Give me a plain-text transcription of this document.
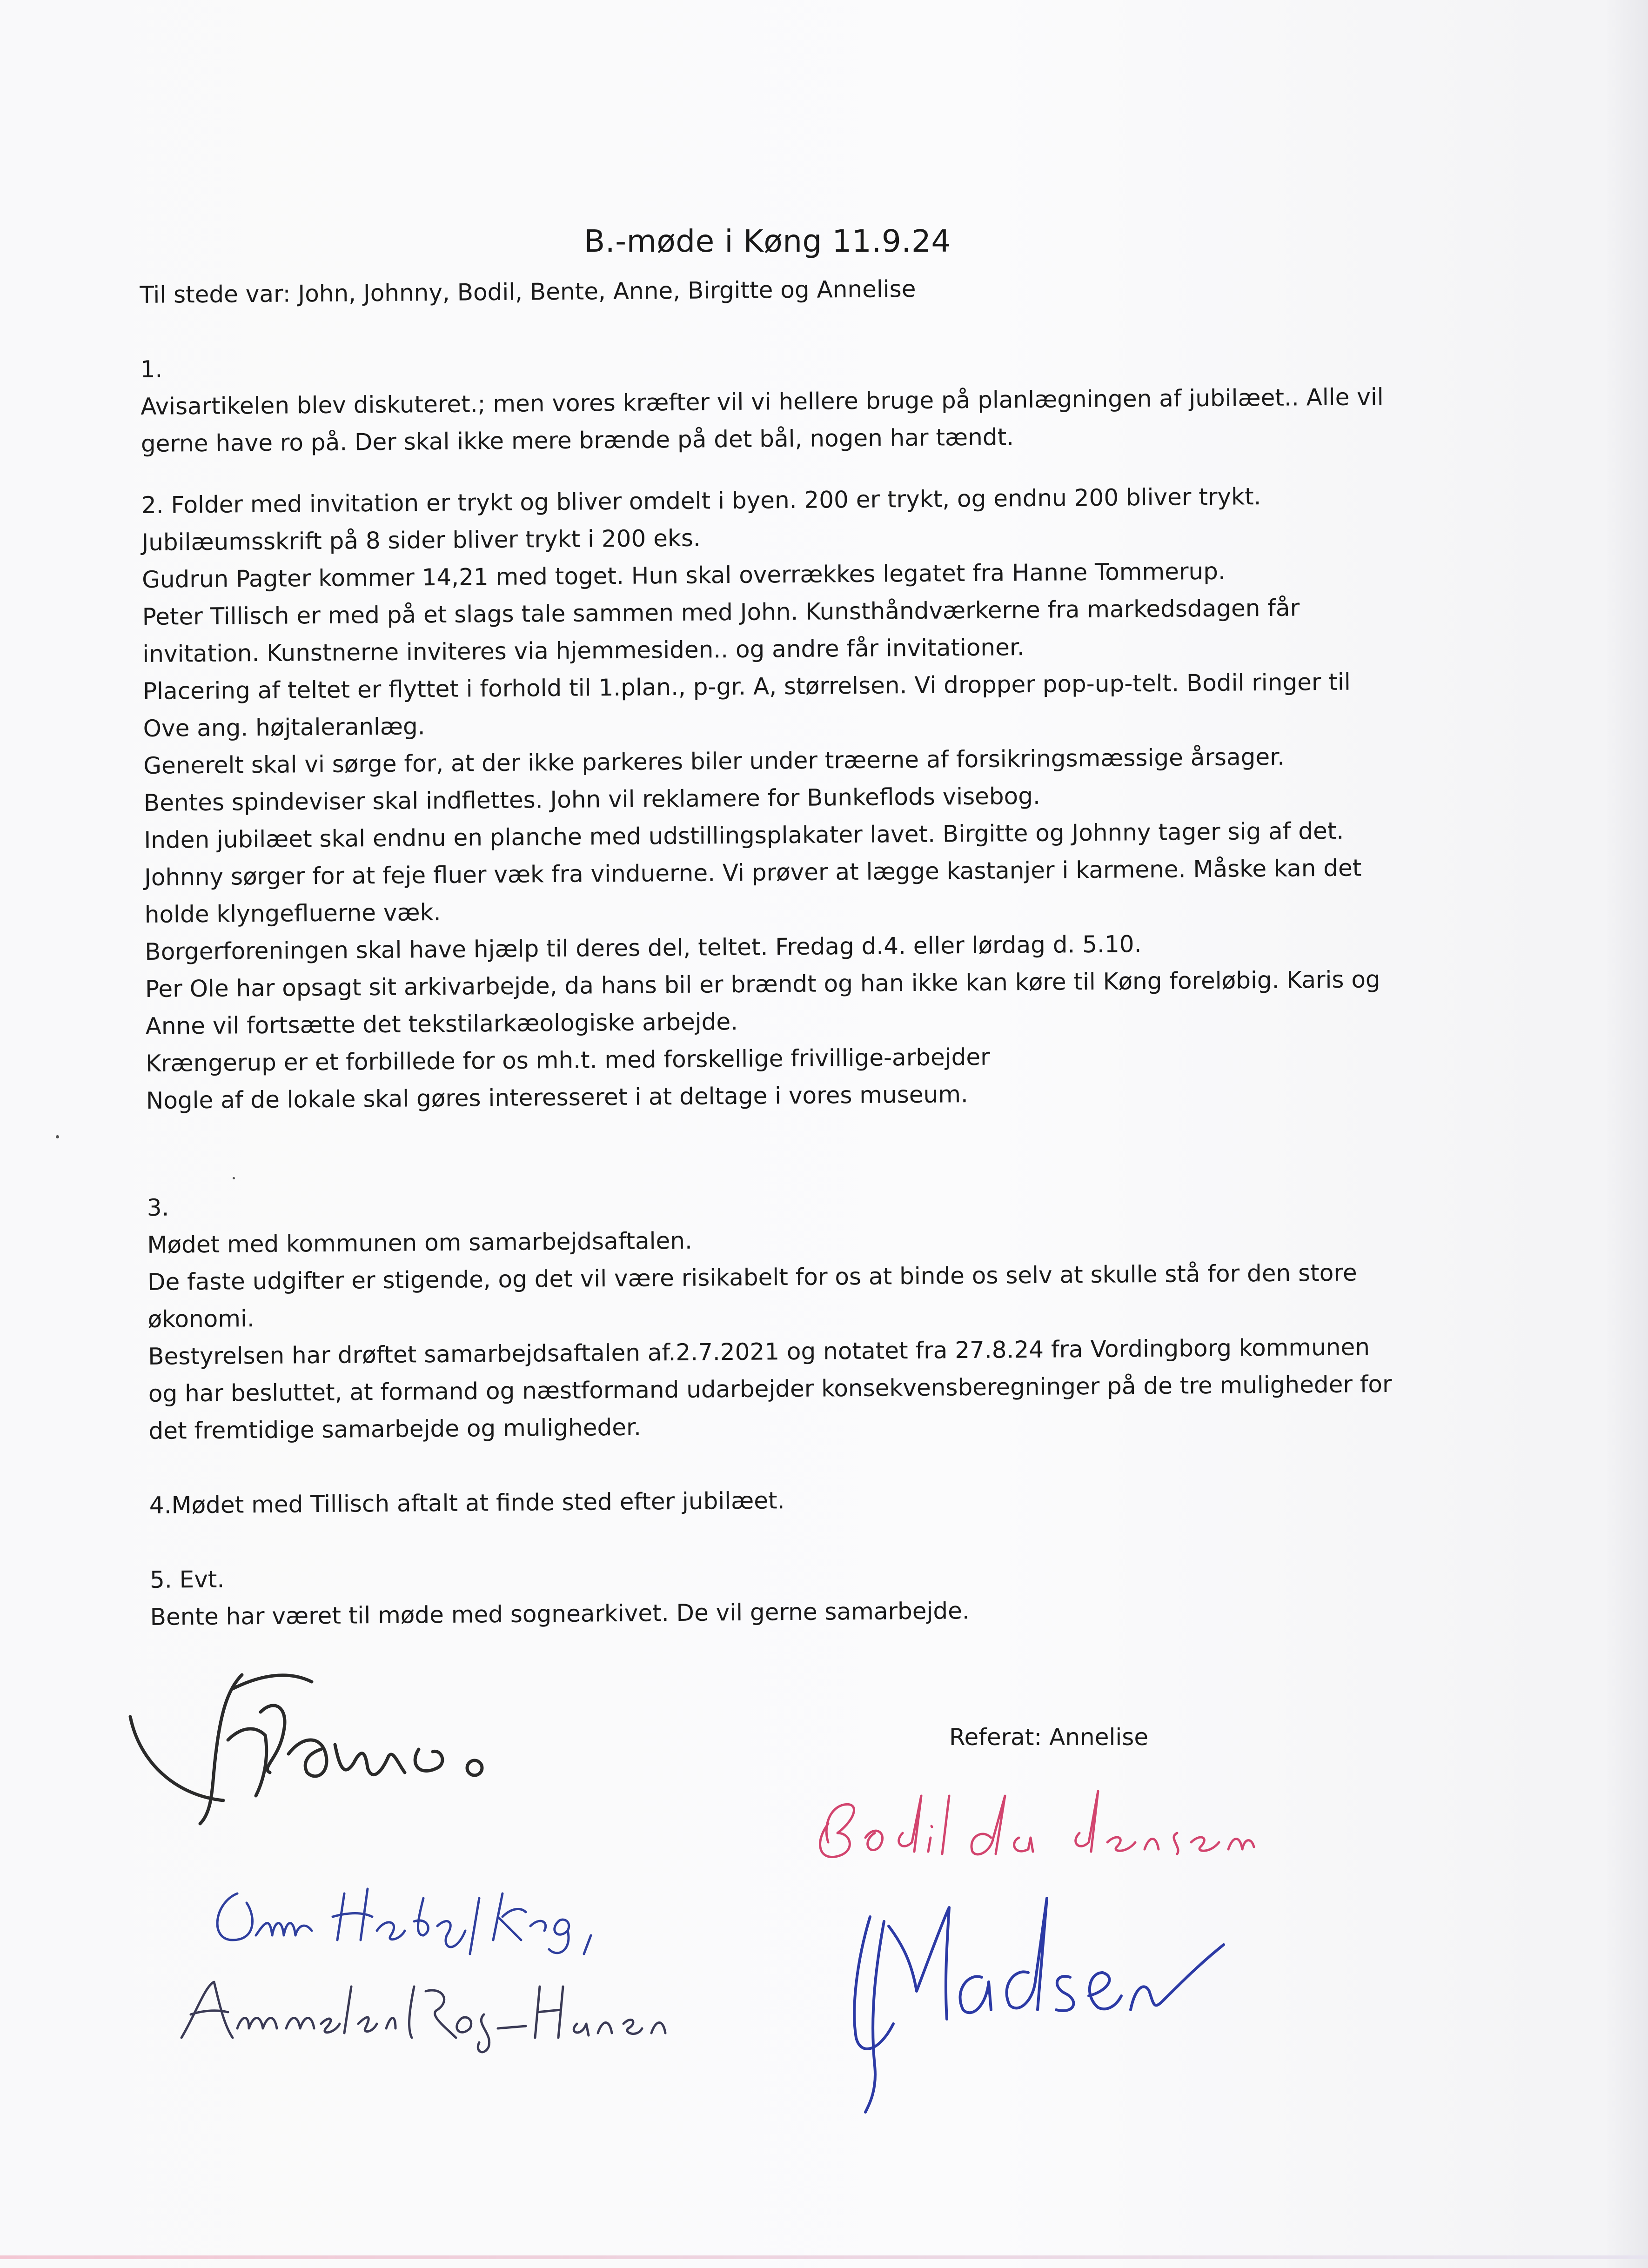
B.-møde i Køng 11.9.24
Til stede var: John, Johnny, Bodil, Bente, Anne, Birgitte og Annelise
1.
Avisartikelen blev diskuteret.; men vores kræfter vil vi hellere bruge på planlægningen af jubilæet.. Alle vil
gerne have ro på. Der skal ikke mere brænde på det bål, nogen har tændt.
2. Folder med invitation er trykt og bliver omdelt i byen. 200 er trykt, og endnu 200 bliver trykt.
Jubilæumsskrift på 8 sider bliver trykt i 200 eks.
Gudrun Pagter kommer 14,21 med toget. Hun skal overrækkes legatet fra Hanne Tommerup.
Peter Tillisch er med på et slags tale sammen med John. Kunsthåndværkerne fra markedsdagen får
invitation. Kunstnerne inviteres via hjemmesiden.. og andre får invitationer.
Placering af teltet er flyttet i forhold til 1.plan., p-gr. A, størrelsen. Vi dropper pop-up-telt. Bodil ringer til
Ove ang. højtaleranlæg.
Generelt skal vi sørge for, at der ikke parkeres biler under træerne af forsikringsmæssige årsager.
Bentes spindeviser skal indflettes. John vil reklamere for Bunkeflods visebog.
Inden jubilæet skal endnu en planche med udstillingsplakater lavet. Birgitte og Johnny tager sig af det.
Johnny sørger for at feje fluer væk fra vinduerne. Vi prøver at lægge kastanjer i karmene. Måske kan det
holde klyngefluerne væk.
Borgerforeningen skal have hjælp til deres del, teltet. Fredag d.4. eller lørdag d. 5.10.
Per Ole har opsagt sit arkivarbejde, da hans bil er brændt og han ikke kan køre til Køng foreløbig. Karis og
Anne vil fortsætte det tekstilarkæologiske arbejde.
Krængerup er et forbillede for os mh.t. med forskellige frivillige-arbejder
Nogle af de lokale skal gøres interesseret i at deltage i vores museum.
3.
Mødet med kommunen om samarbejdsaftalen.
De faste udgifter er stigende, og det vil være risikabelt for os at binde os selv at skulle stå for den store
økonomi.
Bestyrelsen har drøftet samarbejdsaftalen af.2.7.2021 og notatet fra 27.8.24 fra Vordingborg kommunen
og har besluttet, at formand og næstformand udarbejder konsekvensberegninger på de tre muligheder for
det fremtidige samarbejde og muligheder.
4.Mødet med Tillisch aftalt at finde sted efter jubilæet.
5. Evt.
Bente har været til møde med sognearkivet. De vil gerne samarbejde.
Referat: Annelise
